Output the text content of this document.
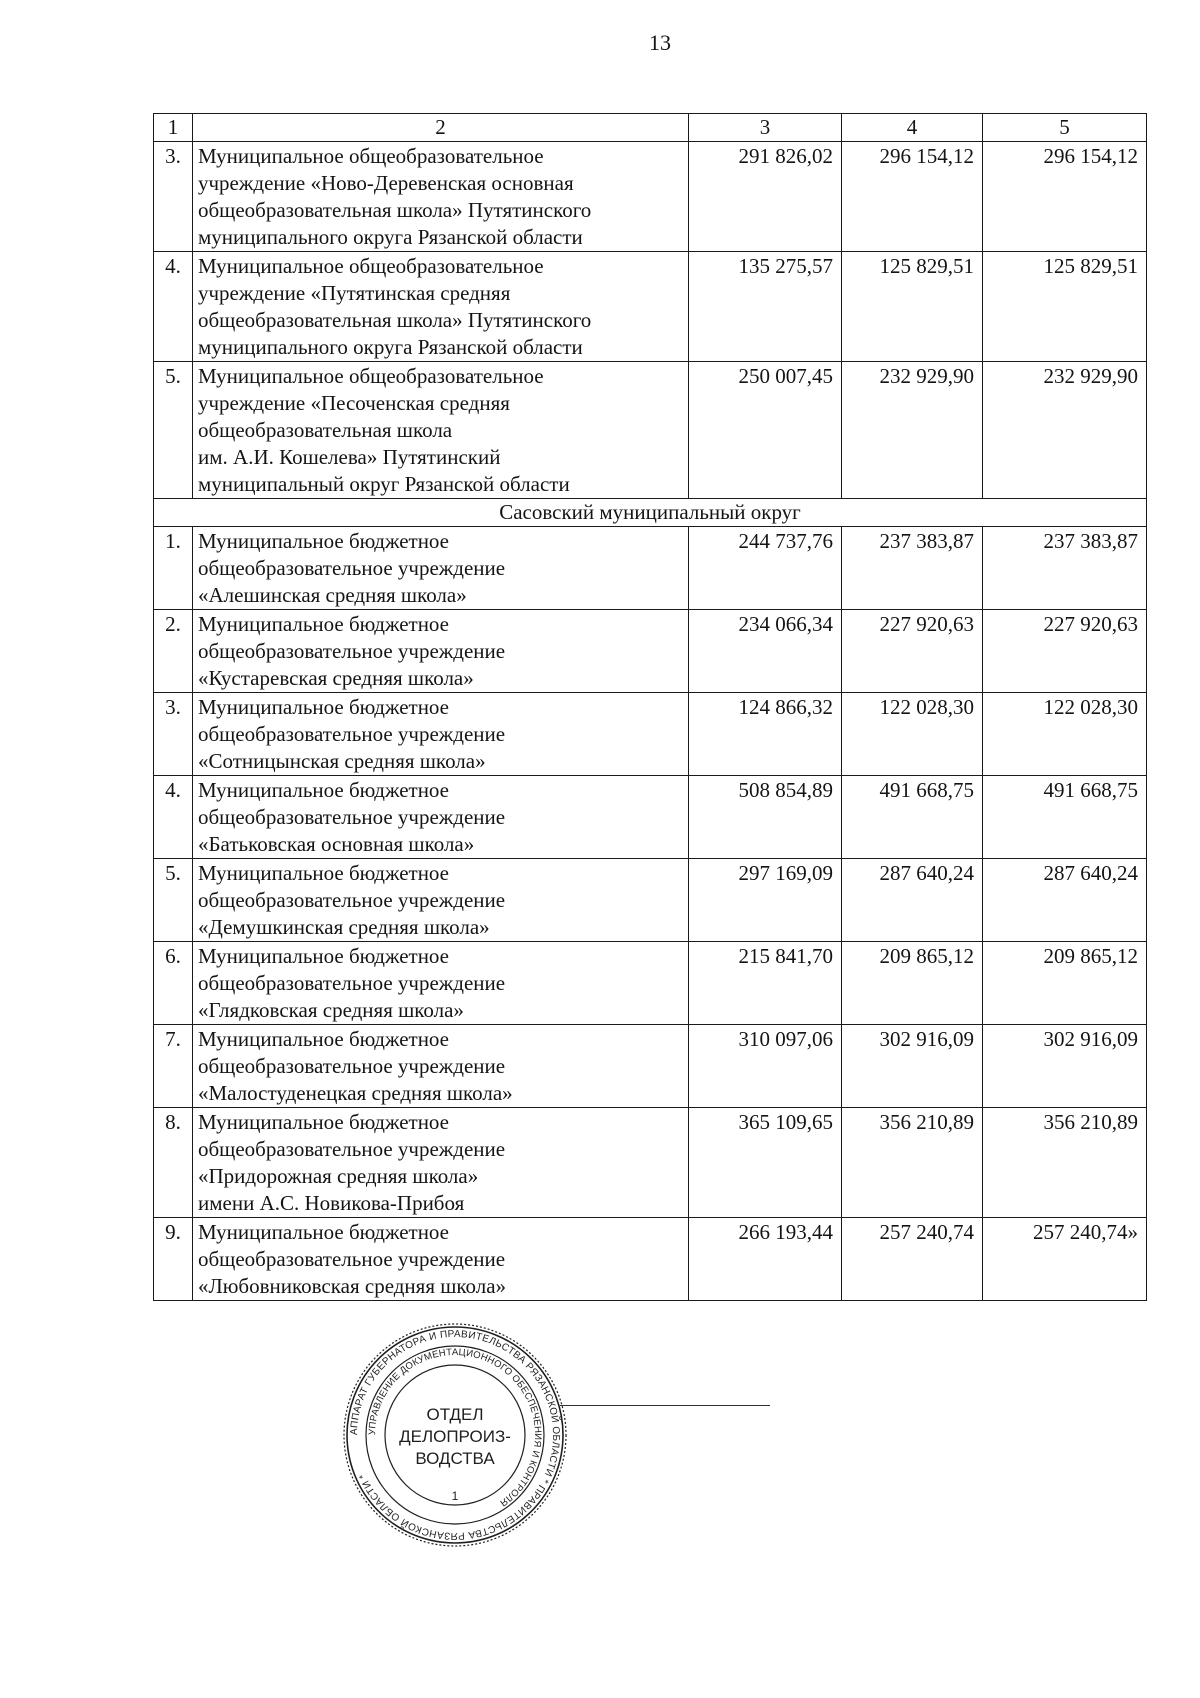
13
1	2	3	4	5
3.	Муниципальное общеобразовательное
учреждение «Ново-Деревенская основная
общеобразовательная школа» Путятинского
муниципального округа Рязанской области	291 826,02	296 154,12	296 154,12
4.	Муниципальное общеобразовательное
учреждение «Путятинская средняя
общеобразовательная школа» Путятинского
муниципального округа Рязанской области	135 275,57	125 829,51	125 829,51
5.	Муниципальное общеобразовательное
учреждение «Песоченская средняя
общеобразовательная школа
им. А.И. Кошелева» Путятинский
муниципальный округ Рязанской области	250 007,45	232 929,90	232 929,90
Сасовский муниципальный округ				
1.	Муниципальное бюджетное
общеобразовательное учреждение
«Алешинская средняя школа»	244 737,76	237 383,87	237 383,87
2.	Муниципальное бюджетное
общеобразовательное учреждение
«Кустаревская средняя школа»	234 066,34	227 920,63	227 920,63
3.	Муниципальное бюджетное
общеобразовательное учреждение
«Сотницынская средняя школа»	124 866,32	122 028,30	122 028,30
4.	Муниципальное бюджетное
общеобразовательное учреждение
«Батьковская основная школа»	508 854,89	491 668,75	491 668,75
5.	Муниципальное бюджетное
общеобразовательное учреждение
«Демушкинская средняя школа»	297 169,09	287 640,24	287 640,24
6.	Муниципальное бюджетное
общеобразовательное учреждение
«Глядковская средняя школа»	215 841,70	209 865,12	209 865,12
7.	Муниципальное бюджетное
общеобразовательное учреждение
«Малостуденецкая средняя школа»	310 097,06	302 916,09	302 916,09
8.	Муниципальное бюджетное
общеобразовательное учреждение
«Придорожная средняя школа»
имени А.С. Новикова-Прибоя	365 109,65	356 210,89	356 210,89
9.	Муниципальное бюджетное
общеобразовательное учреждение
«Любовниковская средняя школа»	266 193,44	257 240,74	257 240,74»
АППАРАТ ГУБЕРНАТОРА И ПРАВИТЕЛЬСТВА РЯЗАНСКОЙ ОБЛАСТИ * ПРАВИТЕЛЬСТВА РЯЗАНСКОЙ ОБЛАСТИ *
УПРАВЛЕНИЕ ДОКУМЕНТАЦИОННОГО ОБЕСПЕЧЕНИЯ И КОНТРОЛЯ
ОТДЕЛ
ДЕЛОПРОИЗ-
ВОДСТВА
1
